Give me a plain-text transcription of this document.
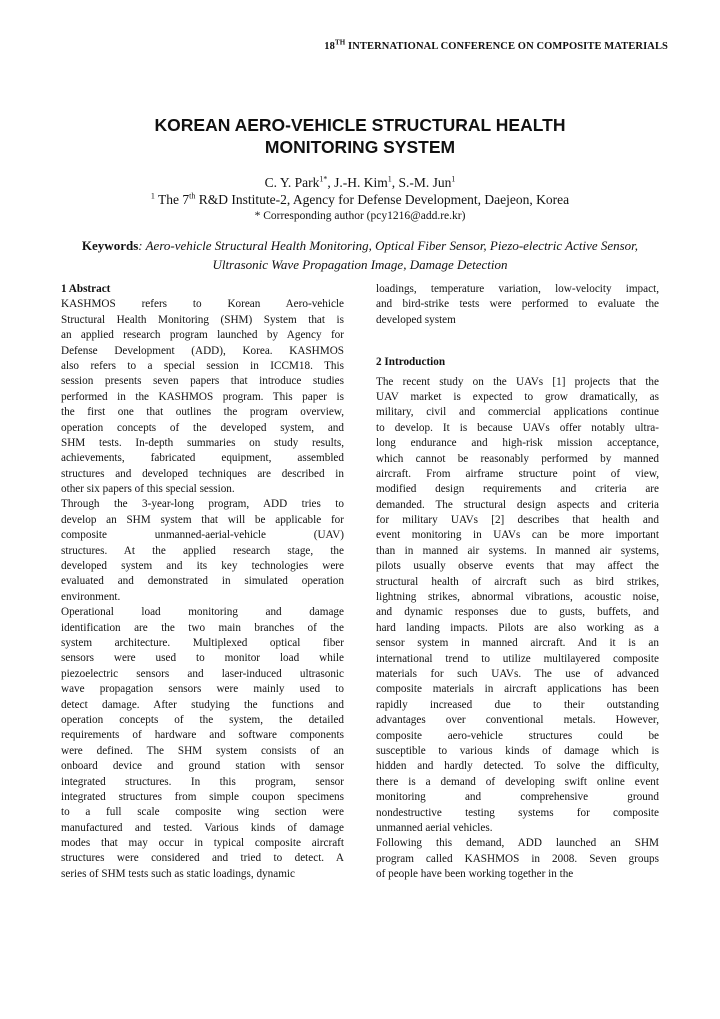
18TH INTERNATIONAL CONFERENCE ON COMPOSITE MATERIALS
KOREAN AERO-VEHICLE STRUCTURAL HEALTH
MONITORING SYSTEM
C. Y. Park$^{1*}$, J.-H. Kim$^1$, S.-M. Jun$^1$
$^1$ The 7th R&D Institute-2, Agency for Defense Development, Daejeon, Korea
* Corresponding author (pcy1216@add.re.kr)
Keywords: Aero-vehicle Structural Health Monitoring, Optical Fiber Sensor, Piezo-electric Active Sensor, Ultrasonic Wave Propagation Image, Damage Detection
1 Abstract
KASHMOS refers to Korean Aero-vehicle
Structural Health Monitoring (SHM) System that is
an applied research program launched by Agency for
Defense Development (ADD), Korea. KASHMOS
also refers to a special session in ICCM18. This
session presents seven papers that introduce studies
performed in the KASHMOS program. This paper is
the first one that outlines the program overview,
operation concepts of the developed system, and
SHM tests. In-depth summaries on study results,
achievements, fabricated equipment, assembled
structures and developed techniques are described in
other six papers of this special session.
Through the 3-year-long program, ADD tries to
develop an SHM system that will be applicable for
composite unmanned-aerial-vehicle (UAV)
structures. At the applied research stage, the
developed system and its key technologies were
evaluated and demonstrated in simulated operation
environment.
Operational load monitoring and damage
identification are the two main branches of the
system architecture. Multiplexed optical fiber
sensors were used to monitor load while
piezoelectric sensors and laser-induced ultrasonic
wave propagation sensors were mainly used to
detect damage. After studying the functions and
operation concepts of the system, the detailed
requirements of hardware and software components
were defined. The SHM system consists of an
onboard device and ground station with sensor
integrated structures. In this program, sensor
integrated structures from simple coupon specimens
to a full scale composite wing section were
manufactured and tested. Various kinds of damage
modes that may occur in typical composite aircraft
structures were considered and tried to detect. A
series of SHM tests such as static loadings, dynamic
loadings, temperature variation, low-velocity impact,
and bird-strike tests were performed to evaluate the
developed system
2 Introduction
The recent study on the UAVs [1] projects that the
UAV market is expected to grow dramatically, as
military, civil and commercial applications continue
to develop. It is because UAVs offer notably ultra-
long endurance and high-risk mission acceptance,
which cannot be reasonably performed by manned
aircraft. From airframe structure point of view,
modified design requirements and criteria are
demanded. The structural design aspects and criteria
for military UAVs [2] describes that health and
event monitoring in UAVs can be more important
than in manned air systems. In manned air systems,
pilots usually observe events that may affect the
structural health of aircraft such as bird strikes,
lightning strikes, abnormal vibrations, acoustic noise,
and dynamic responses due to gusts, buffets, and
hard landing impacts. Pilots are also working as a
sensor system in manned aircraft. And it is an
international trend to utilize multilayered composite
materials for such UAVs. The use of advanced
composite materials in aircraft applications has been
rapidly increased due to their outstanding
advantages over conventional metals. However,
composite aero-vehicle structures could be
susceptible to various kinds of damage which is
hidden and hardly detected. To solve the difficulty,
there is a demand of developing swift online event
monitoring and comprehensive ground
nondestructive testing systems for composite
unmanned aerial vehicles.
Following this demand, ADD launched an SHM
program called KASHMOS in 2008. Seven groups
of people have been working together in the
